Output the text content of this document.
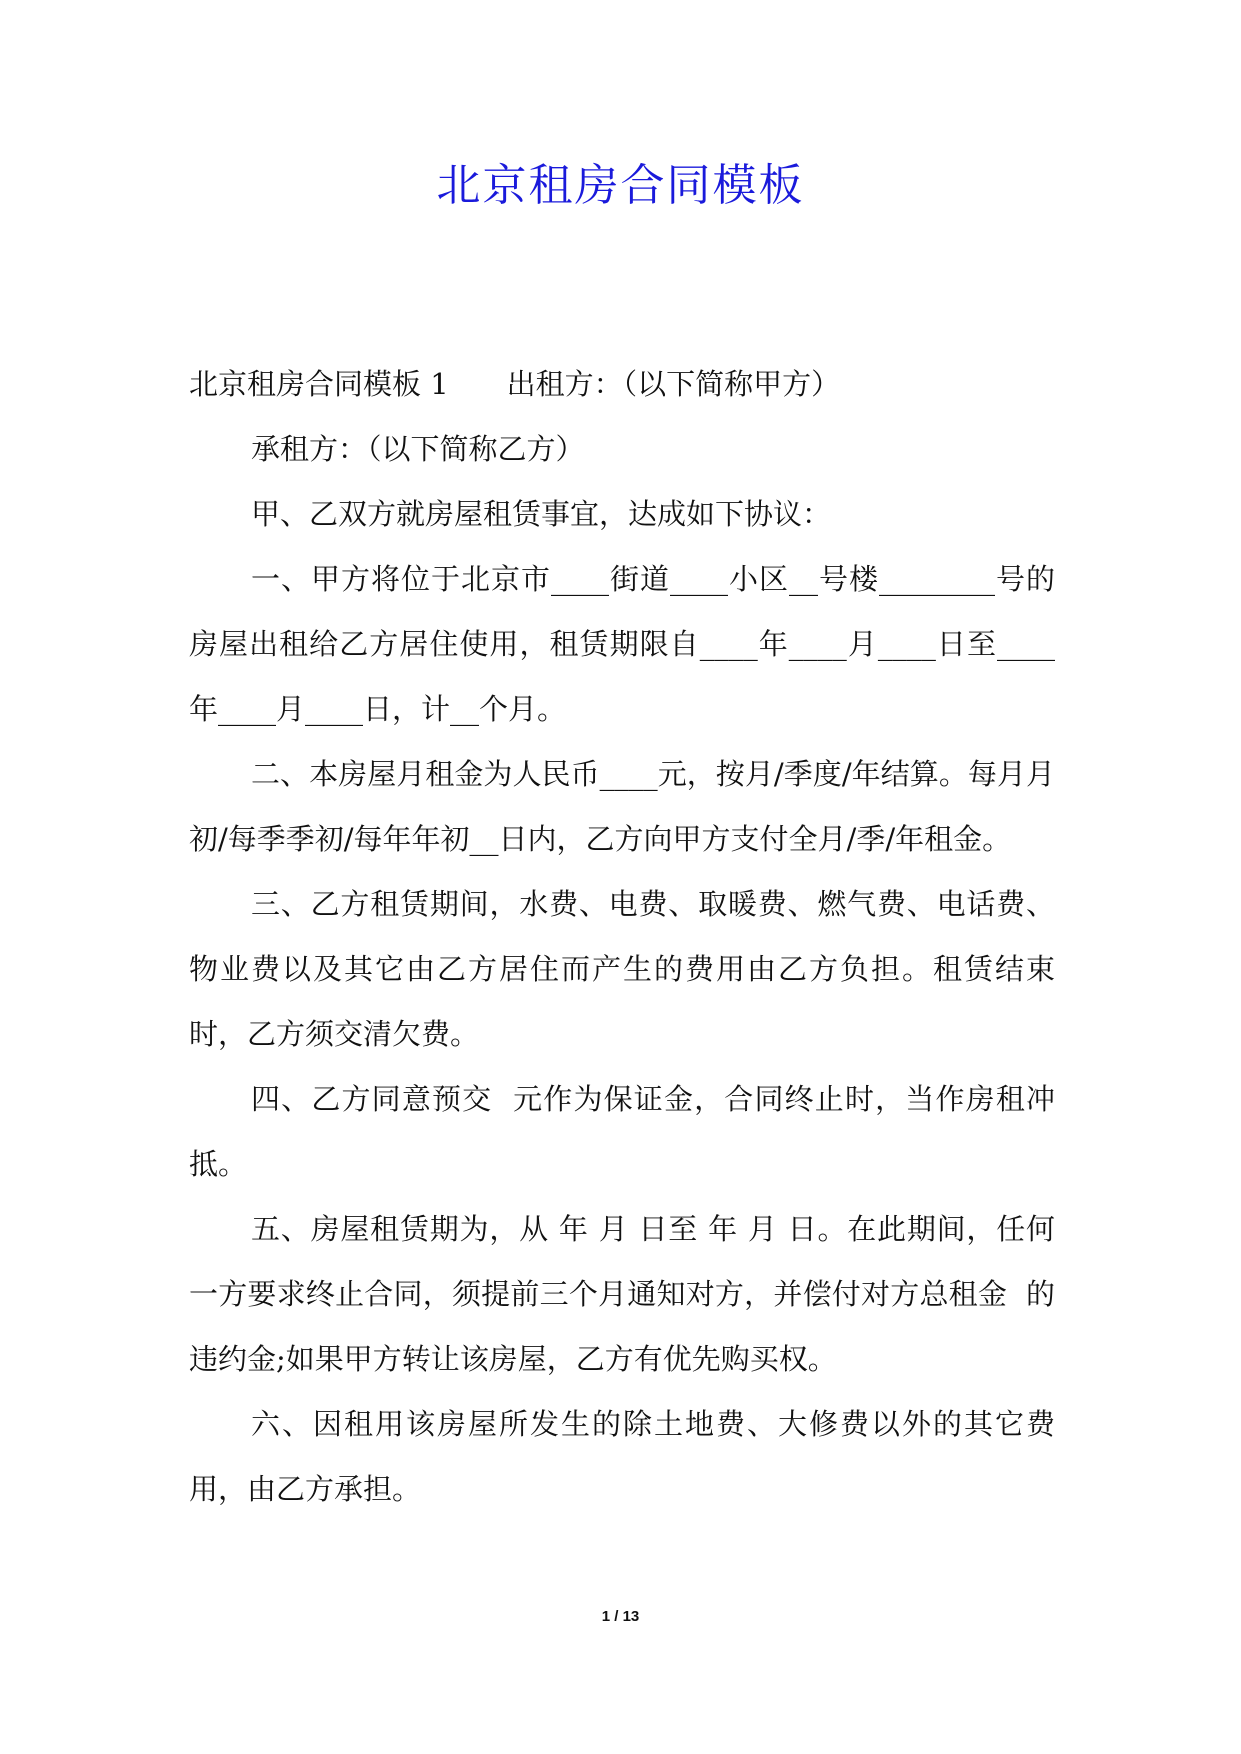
北京租房合同模板

北京租房合同模板 1　　出租方：（以下简称甲方）

承租方：（以下简称乙方）

甲、乙双方就房屋租赁事宜，达成如下协议：

一、甲方将位于北京市____街道____小区__号楼________号的房屋出租给乙方居住使用，租赁期限自____年____月____日至____年____月____日，计__个月。

二、本房屋月租金为人民币____元，按月/季度/年结算。每月月初/每季季初/每年年初__日内，乙方向甲方支付全月/季/年租金。

三、乙方租赁期间，水费、电费、取暖费、燃气费、电话费、物业费以及其它由乙方居住而产生的费用由乙方负担。租赁结束时，乙方须交清欠费。

四、乙方同意预交  元作为保证金，合同终止时，当作房租冲抵。

五、房屋租赁期为，从 年 月 日至 年 月 日。在此期间，任何一方要求终止合同，须提前三个月通知对方，并偿付对方总租金  的违约金;如果甲方转让该房屋，乙方有优先购买权。

六、因租用该房屋所发生的除土地费、大修费以外的其它费用，由乙方承担。

1 / 13
